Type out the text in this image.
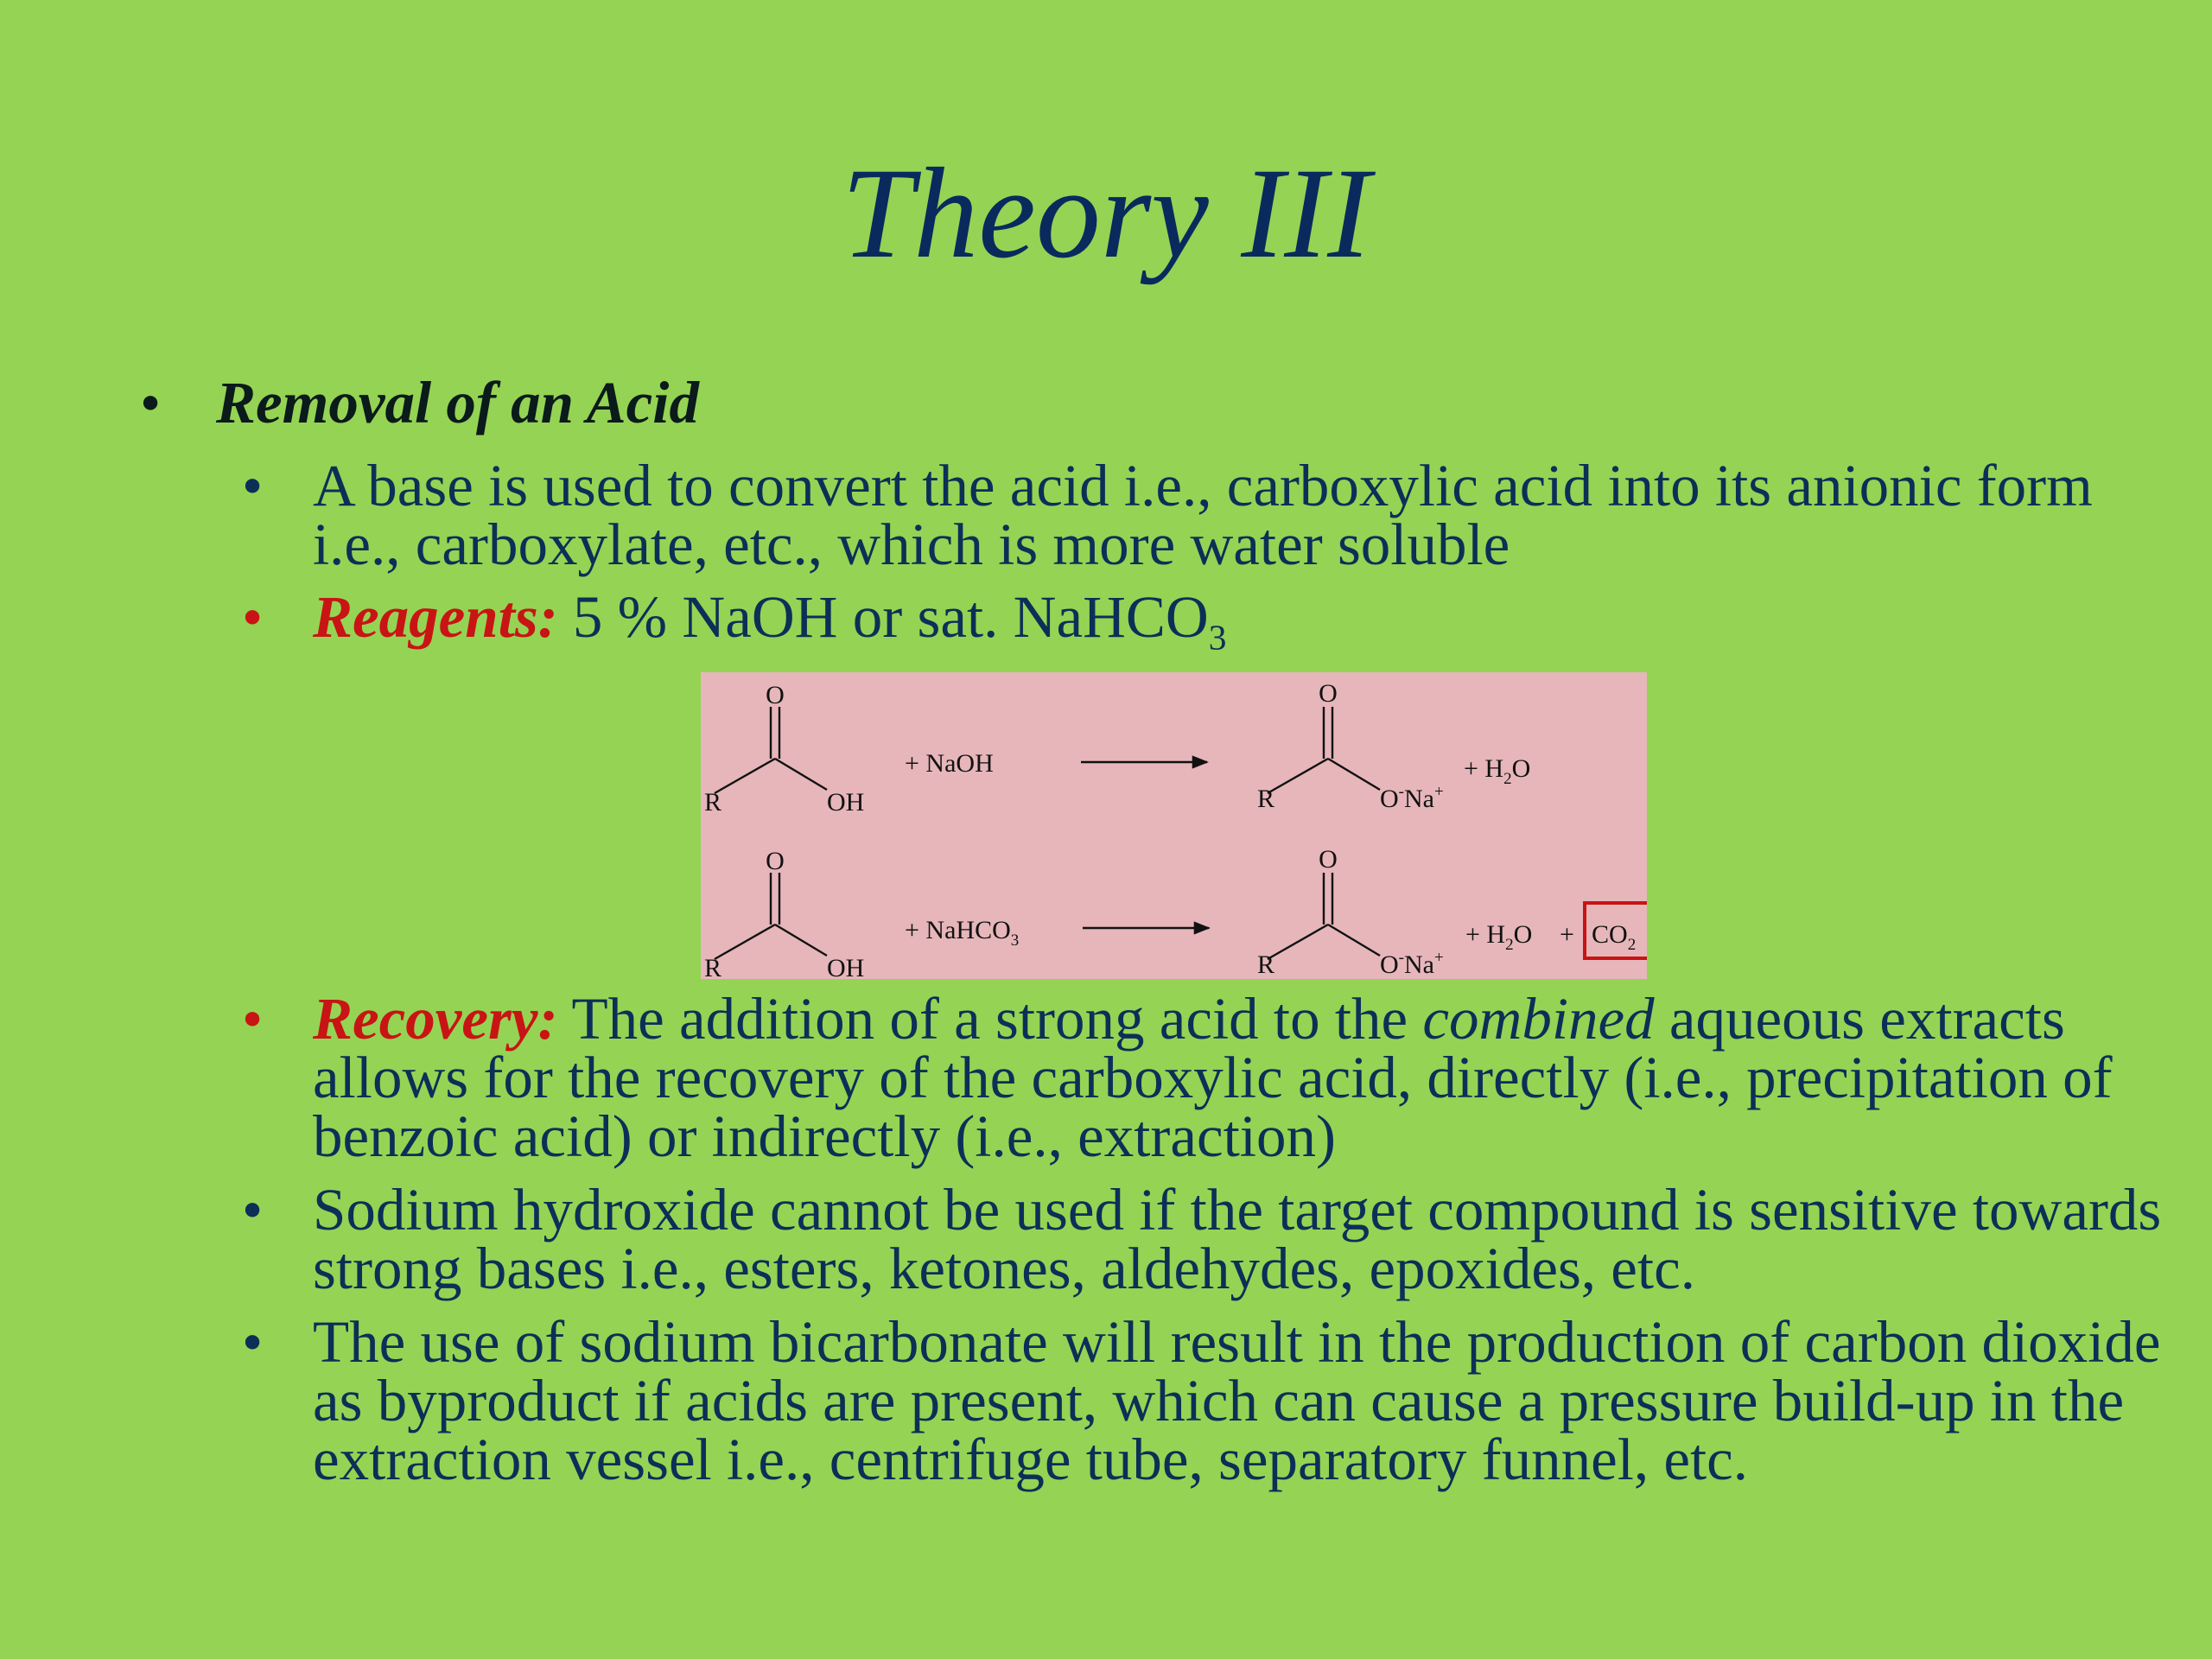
Theory III
• Removal of an Acid
• A base is used to convert the acid i.e., carboxylic acid into its anionic form i.e., carboxylate, etc., which is more water soluble
• Reagents: 5 % NaOH or sat. NaHCO$_3$
O
R	OH
+ NaOH
O
R	O-Na+
+ $H_2O$
O
R	OH
+ NaHCO$_3$
O
R	O-Na+
+ $H_2O + CO_2$
• Recovery: The addition of a strong acid to the combined aqueous extracts allows for the recovery of the carboxylic acid, directly (i.e., precipitation of benzoic acid) or indirectly (i.e., extraction)
• Sodium hydroxide cannot be used if the target compound is sensitive towards strong bases i.e., esters, ketones, aldehydes, epoxides, etc.
• The use of sodium bicarbonate will result in the production of carbon dioxide as byproduct if acids are present, which can cause a pressure build-up in the extraction vessel i.e., centrifuge tube, separatory funnel, etc.
